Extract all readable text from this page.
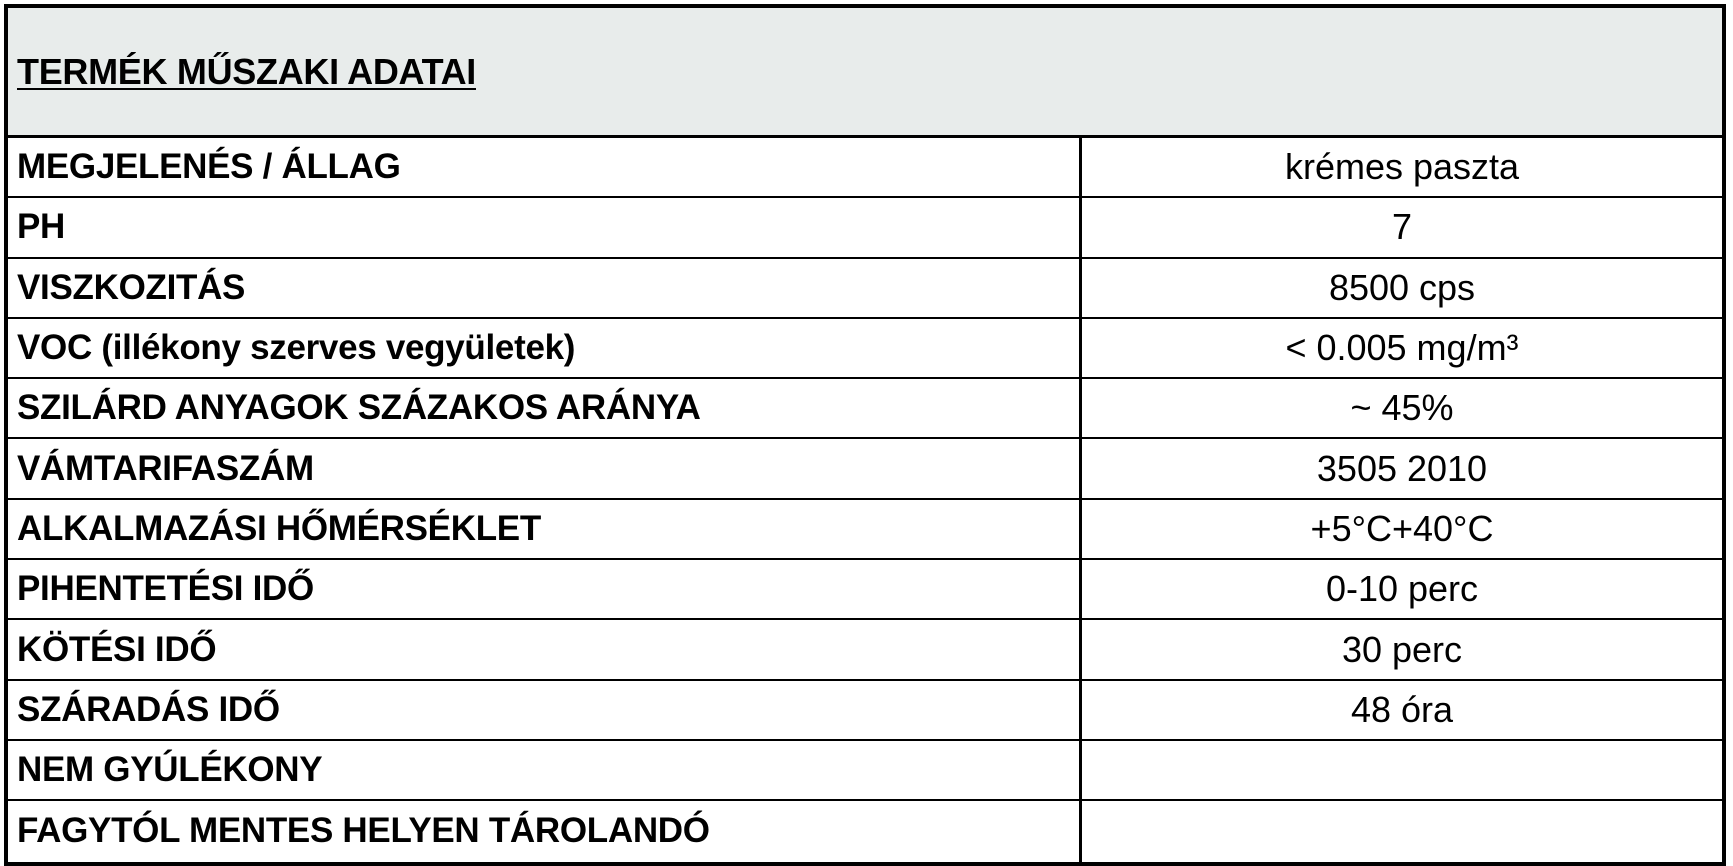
TERMÉK MŰSZAKI ADATAI
MEGJELENÉS / ÁLLAG	krémes paszta
PH	7
VISZKOZITÁS	8500 cps
VOC (illékony szerves vegyületek)	< 0.005 mg/m³
SZILÁRD ANYAGOK SZÁZAKOS ARÁNYA	~ 45%
VÁMTARIFASZÁM	3505 2010
ALKALMAZÁSI HŐMÉRSÉKLET	+5°C+40°C
PIHENTETÉSI IDŐ	0-10 perc
KÖTÉSI IDŐ	30 perc
SZÁRADÁS IDŐ	48 óra
NEM GYÚLÉKONY
FAGYTÓL MENTES HELYEN TÁROLANDÓ
